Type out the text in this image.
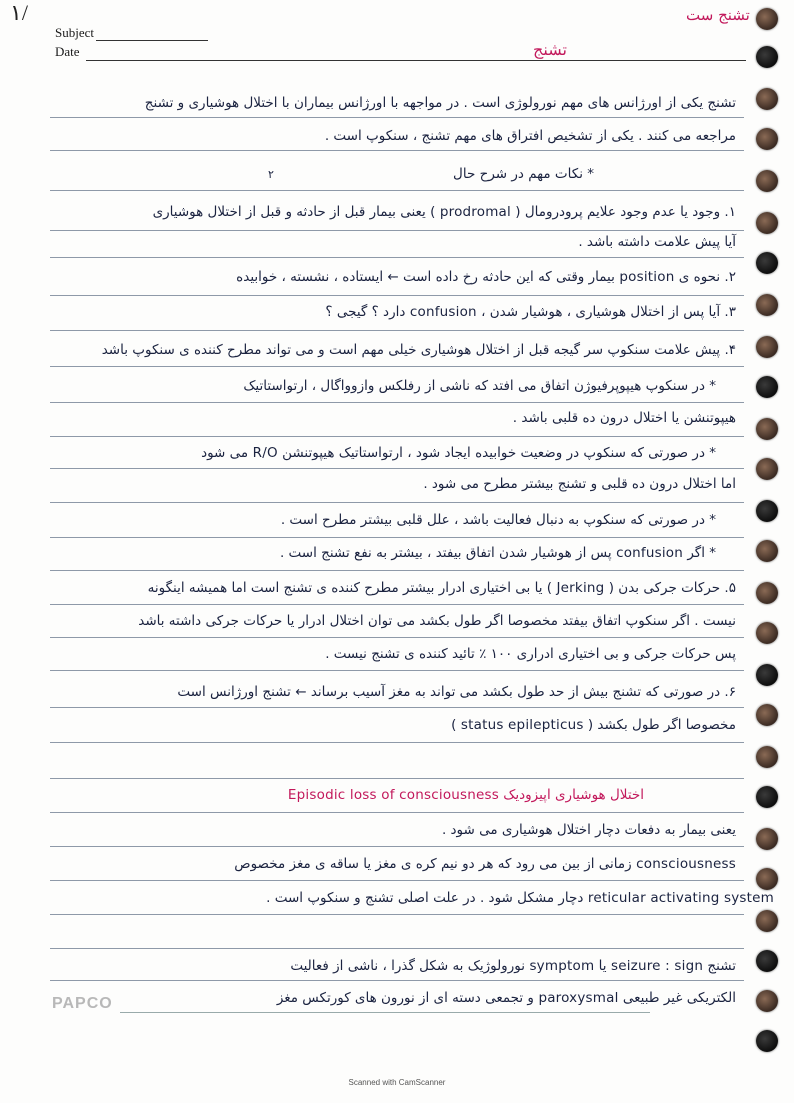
۱/
Subject
Date
تشنج ست
تشنج
تشنج یکی از اورژانس های مهم نورولوژی است . در مواجهه با اورژانس بیماران با اختلال هوشیاری و تشنج
مراجعه می کنند . یکی از تشخیص افتراق های مهم تشنج ، سنکوپ است .
۲	* نکات مهم در شرح حال
۱. وجود یا عدم وجود علایم پرودرومال ( prodromal ) یعنی بیمار قبل از حادثه و قبل از اختلال هوشیاری
آیا پیش علامت داشته باشد .
۲. نحوه ی position بیمار وقتی که این حادثه رخ داده است ← ایستاده ، نشسته ، خوابیده
۳. آیا پس از اختلال هوشیاری ، هوشیار شدن ، confusion دارد ؟ گیجی ؟
۴. پیش علامت سنکوپ سر گیجه قبل از اختلال هوشیاری خیلی مهم است و می تواند مطرح کننده ی سنکوپ باشد
* در سنکوپ هیپوپرفیوژن اتفاق می افتد که ناشی از رفلکس وازوواگال ، ارتواستاتیک
هیپوتنشن یا اختلال درون ده قلبی باشد .
* در صورتی که سنکوپ در وضعیت خوابیده ایجاد شود ، ارتواستاتیک هیپوتنشن R/O می شود
اما اختلال درون ده قلبی و تشنج بیشتر مطرح می شود .
* در صورتی که سنکوپ به دنبال فعالیت باشد ، علل قلبی بیشتر مطرح است .
* اگر confusion پس از هوشیار شدن اتفاق بیفتد ، بیشتر به نفع تشنج است .
۵. حرکات جرکی بدن ( Jerking ) یا بی اختیاری ادرار بیشتر مطرح کننده ی تشنج است اما همیشه اینگونه
نیست . اگر سنکوپ اتفاق بیفتد مخصوصا اگر طول بکشد می توان اختلال ادرار یا حرکات جرکی داشته باشد
پس حرکات جرکی و بی اختیاری ادراری ۱۰۰ ٪ تائید کننده ی تشنج نیست .
۶. در صورتی که تشنج بیش از حد طول بکشد می تواند به مغز آسیب برساند ← تشنج اورژانس است
مخصوصا اگر طول بکشد ( status epilepticus )
اختلال هوشیاری اپیزودیک Episodic loss of consciousness
یعنی بیمار به دفعات دچار اختلال هوشیاری می شود .
consciousness زمانی از بین می رود که هر دو نیم کره ی مغز یا ساقه ی مغز مخصوص
reticular activating system دچار مشکل شود . در علت اصلی تشنج و سنکوپ است .
تشنج seizure : sign یا symptom نورولوژیک به شکل گذرا ، ناشی از فعالیت
الکتریکی غیر طبیعی paroxysmal و تجمعی دسته ای از نورون های کورتکس مغز
PAPCO
Scanned with CamScanner
